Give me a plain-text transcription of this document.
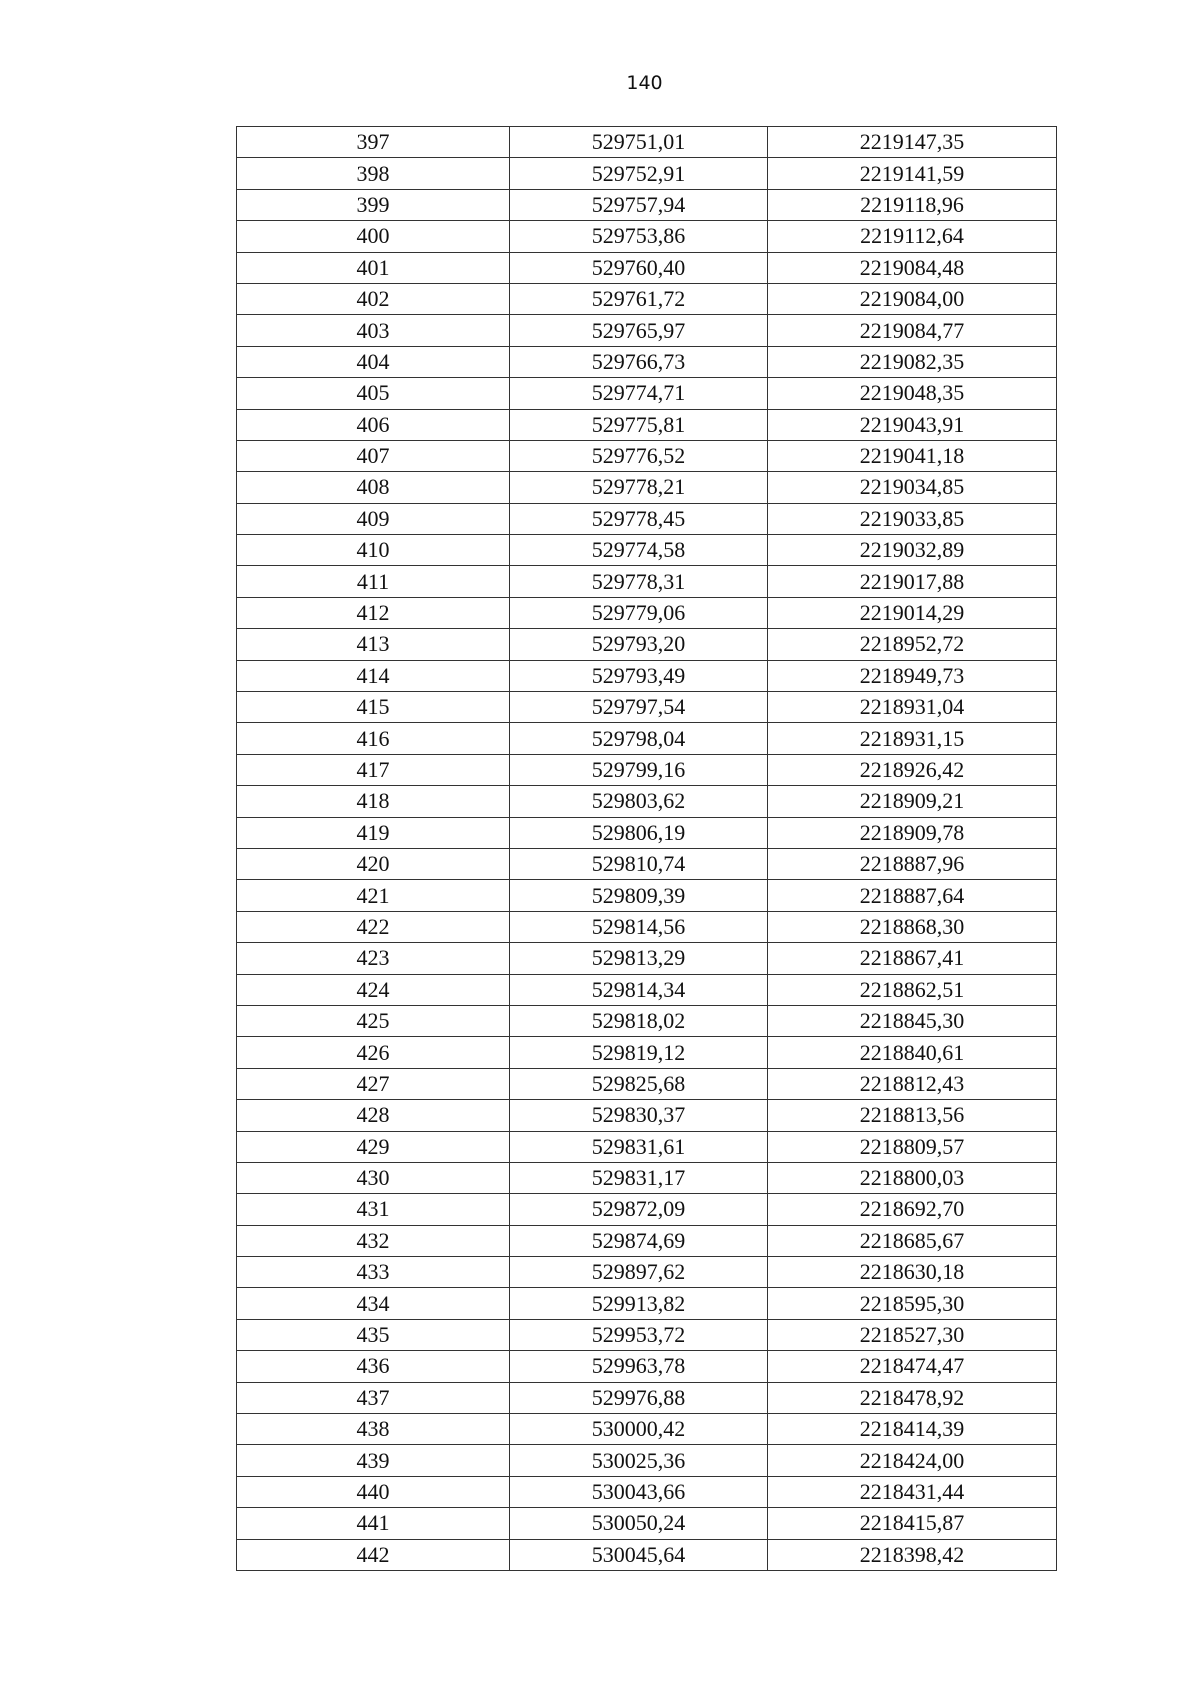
140
397	529751,01	2219147,35
398	529752,91	2219141,59
399	529757,94	2219118,96
400	529753,86	2219112,64
401	529760,40	2219084,48
402	529761,72	2219084,00
403	529765,97	2219084,77
404	529766,73	2219082,35
405	529774,71	2219048,35
406	529775,81	2219043,91
407	529776,52	2219041,18
408	529778,21	2219034,85
409	529778,45	2219033,85
410	529774,58	2219032,89
411	529778,31	2219017,88
412	529779,06	2219014,29
413	529793,20	2218952,72
414	529793,49	2218949,73
415	529797,54	2218931,04
416	529798,04	2218931,15
417	529799,16	2218926,42
418	529803,62	2218909,21
419	529806,19	2218909,78
420	529810,74	2218887,96
421	529809,39	2218887,64
422	529814,56	2218868,30
423	529813,29	2218867,41
424	529814,34	2218862,51
425	529818,02	2218845,30
426	529819,12	2218840,61
427	529825,68	2218812,43
428	529830,37	2218813,56
429	529831,61	2218809,57
430	529831,17	2218800,03
431	529872,09	2218692,70
432	529874,69	2218685,67
433	529897,62	2218630,18
434	529913,82	2218595,30
435	529953,72	2218527,30
436	529963,78	2218474,47
437	529976,88	2218478,92
438	530000,42	2218414,39
439	530025,36	2218424,00
440	530043,66	2218431,44
441	530050,24	2218415,87
442	530045,64	2218398,42
